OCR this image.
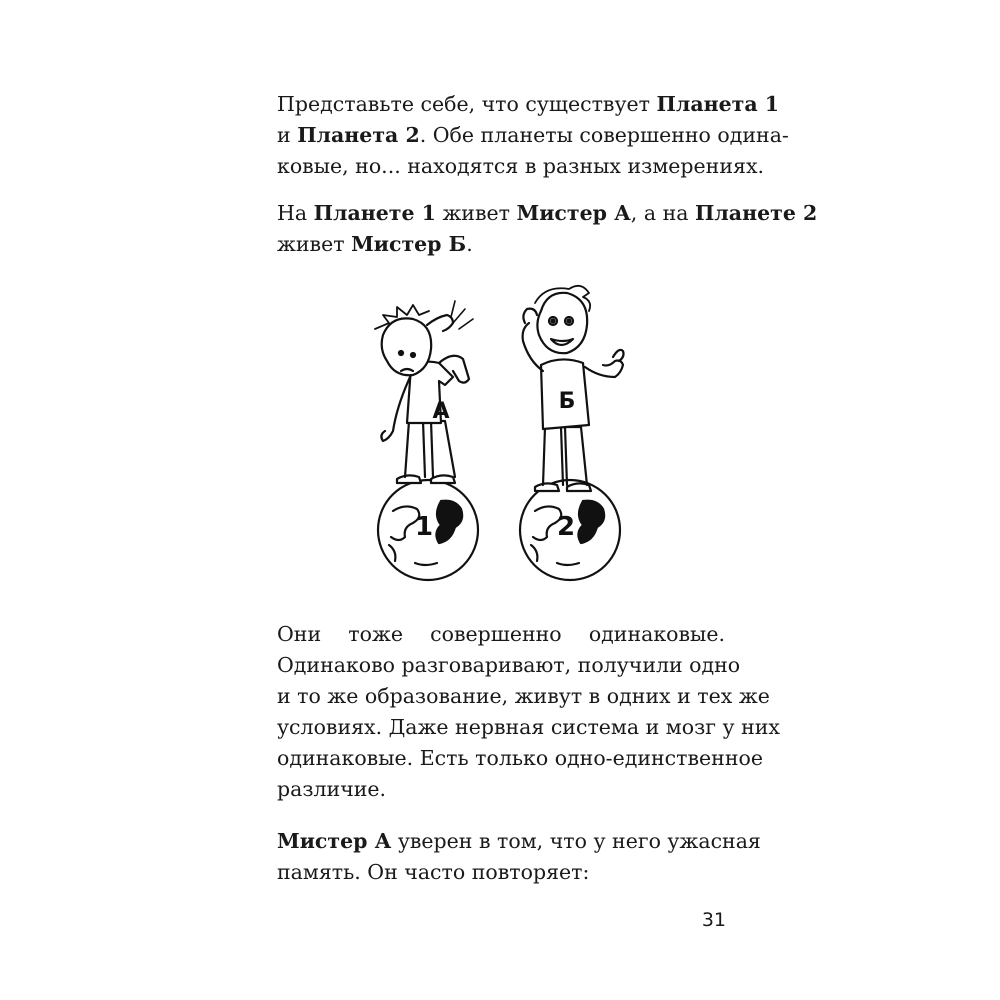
Представьте себе, что существует Планета 1
и Планета 2. Обе планеты совершенно одина-
ковые, но... находятся в разных измерениях.
На Планете 1 живет Мистер А, а на Планете 2
живет Мистер Б.
А	Б
1	2
Они тоже совершенно одинаковые.
Одинаково разговаривают, получили одно
и то же образование, живут в одних и тех же
условиях. Даже нервная система и мозг у них
одинаковые. Есть только одно-единственное
различие.
Мистер А уверен в том, что у него ужасная
память. Он часто повторяет:
31
